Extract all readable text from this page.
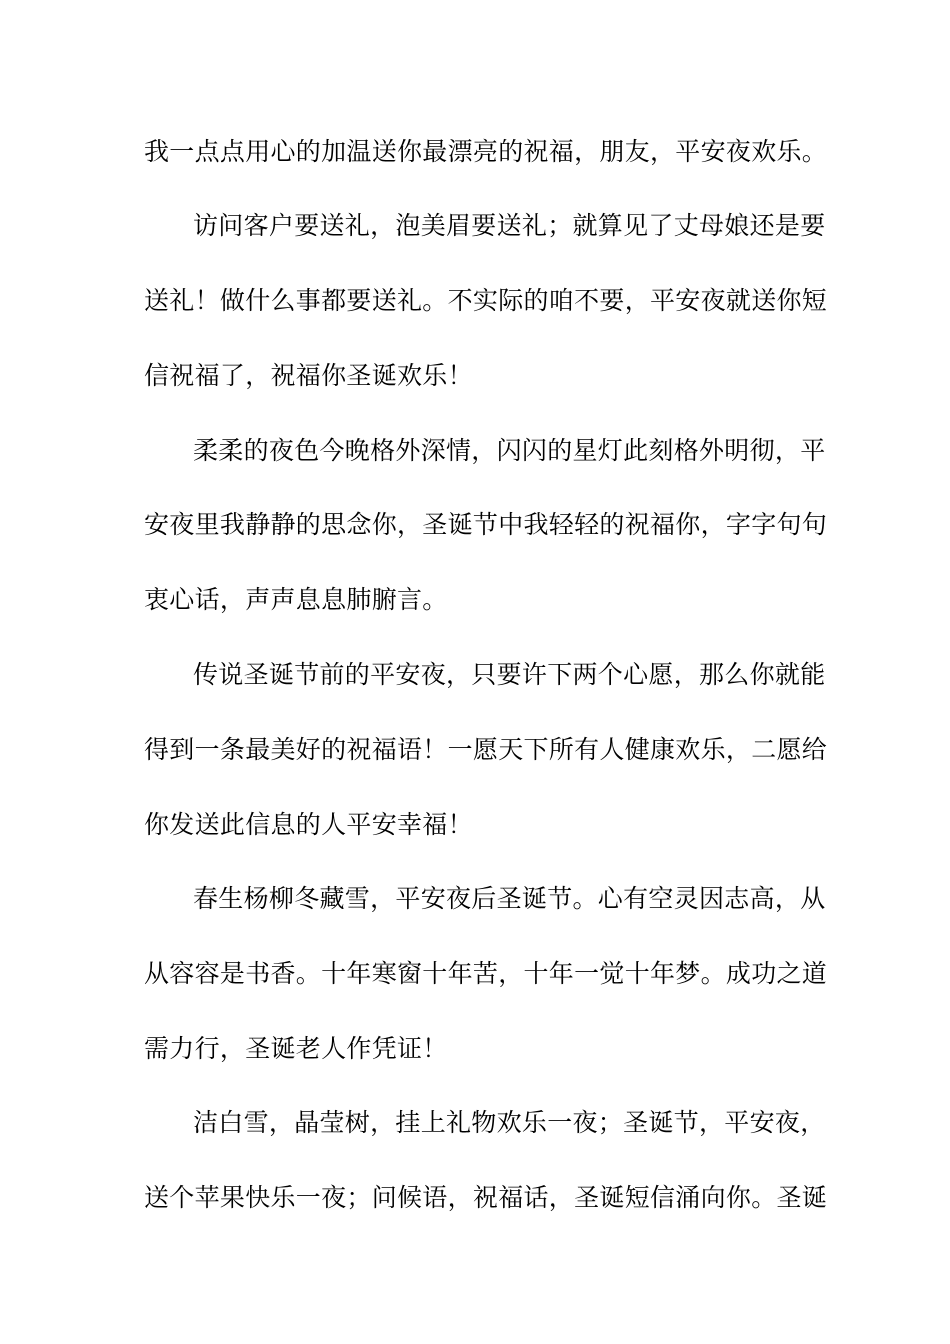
我一点点用心的加温送你最漂亮的祝福，朋友，平安夜欢乐。
访问客户要送礼，泡美眉要送礼；就算见了丈母娘还是要
送礼！做什么事都要送礼。不实际的咱不要，平安夜就送你短
信祝福了，祝福你圣诞欢乐！
柔柔的夜色今晚格外深情，闪闪的星灯此刻格外明彻，平
安夜里我静静的思念你，圣诞节中我轻轻的祝福你，字字句句
衷心话，声声息息肺腑言。
传说圣诞节前的平安夜，只要许下两个心愿，那么你就能
得到一条最美好的祝福语！一愿天下所有人健康欢乐，二愿给
你发送此信息的人平安幸福！
春生杨柳冬藏雪，平安夜后圣诞节。心有空灵因志高，从
从容容是书香。十年寒窗十年苦，十年一觉十年梦。成功之道
需力行，圣诞老人作凭证！
洁白雪，晶莹树，挂上礼物欢乐一夜；圣诞节，平安夜，
送个苹果快乐一夜；问候语，祝福话，圣诞短信涌向你。圣诞
